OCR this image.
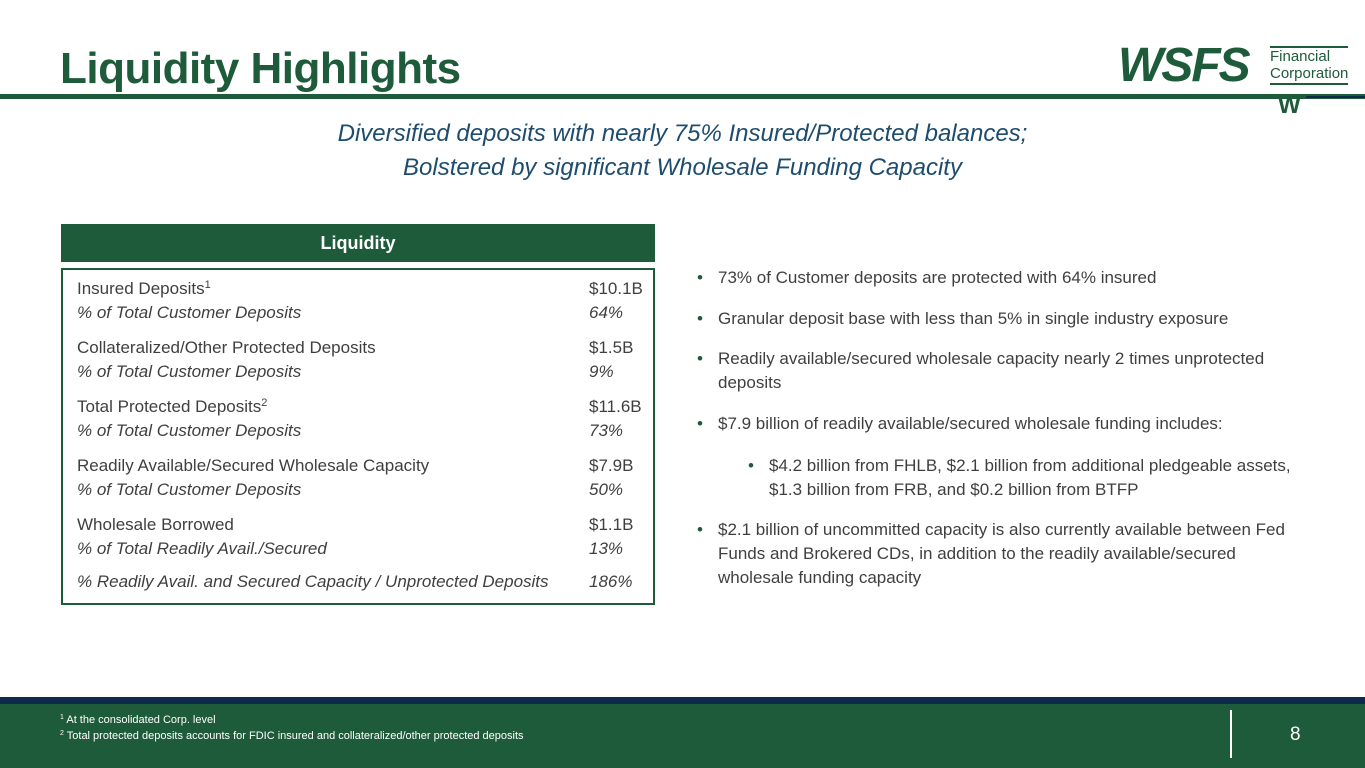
Liquidity Highlights	WSFS Financial
Corporation
W
Diversified deposits with nearly 75% Insured/Protected balances;
Bolstered by significant Wholesale Funding Capacity
Liquidity
Insured Deposits$^1$	$10.1B
% of Total Customer Deposits	64%
Collateralized/Other Protected Deposits	$1.5B
% of Total Customer Deposits	9%
Total Protected Deposits$^2$	$11.6B
% of Total Customer Deposits	73%
Readily Available/Secured Wholesale Capacity	$7.9B
% of Total Customer Deposits	50%
Wholesale Borrowed	$1.1B
% of Total Readily Avail./Secured	13%
% Readily Avail. and Secured Capacity / Unprotected Deposits 186%
• 73% of Customer deposits are protected with 64% insured
• Granular deposit base with less than 5% in single industry exposure
• Readily available/secured wholesale capacity nearly 2 times unprotected deposits
• $7.9 billion of readily available/secured wholesale funding includes:
• $4.2 billion from FHLB, $2.1 billion from additional pledgeable assets, $1.3 billion from FRB, and $0.2 billion from BTFP
• $2.1 billion of uncommitted capacity is also currently available between Fed Funds and Brokered CDs, in addition to the readily available/secured wholesale funding capacity
$^1$ At the consolidated Corp. level
$^2$ Total protected deposits accounts for FDIC insured and collateralized/other protected deposits	8
